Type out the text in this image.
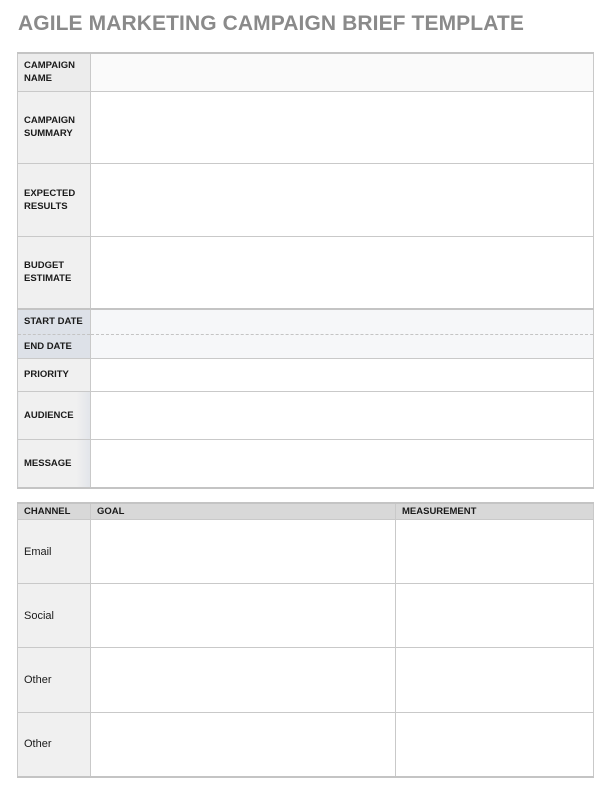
AGILE MARKETING CAMPAIGN BRIEF TEMPLATE
CAMPAIGN NAME	

CAMPAIGN SUMMARY	

EXPECTED RESULTS	

BUDGET ESTIMATE	

START DATE	
END DATE	
PRIORITY	
AUDIENCE	
MESSAGE	
CHANNEL	GOAL	MEASUREMENT
Email		
Social		
Other		
Other		
